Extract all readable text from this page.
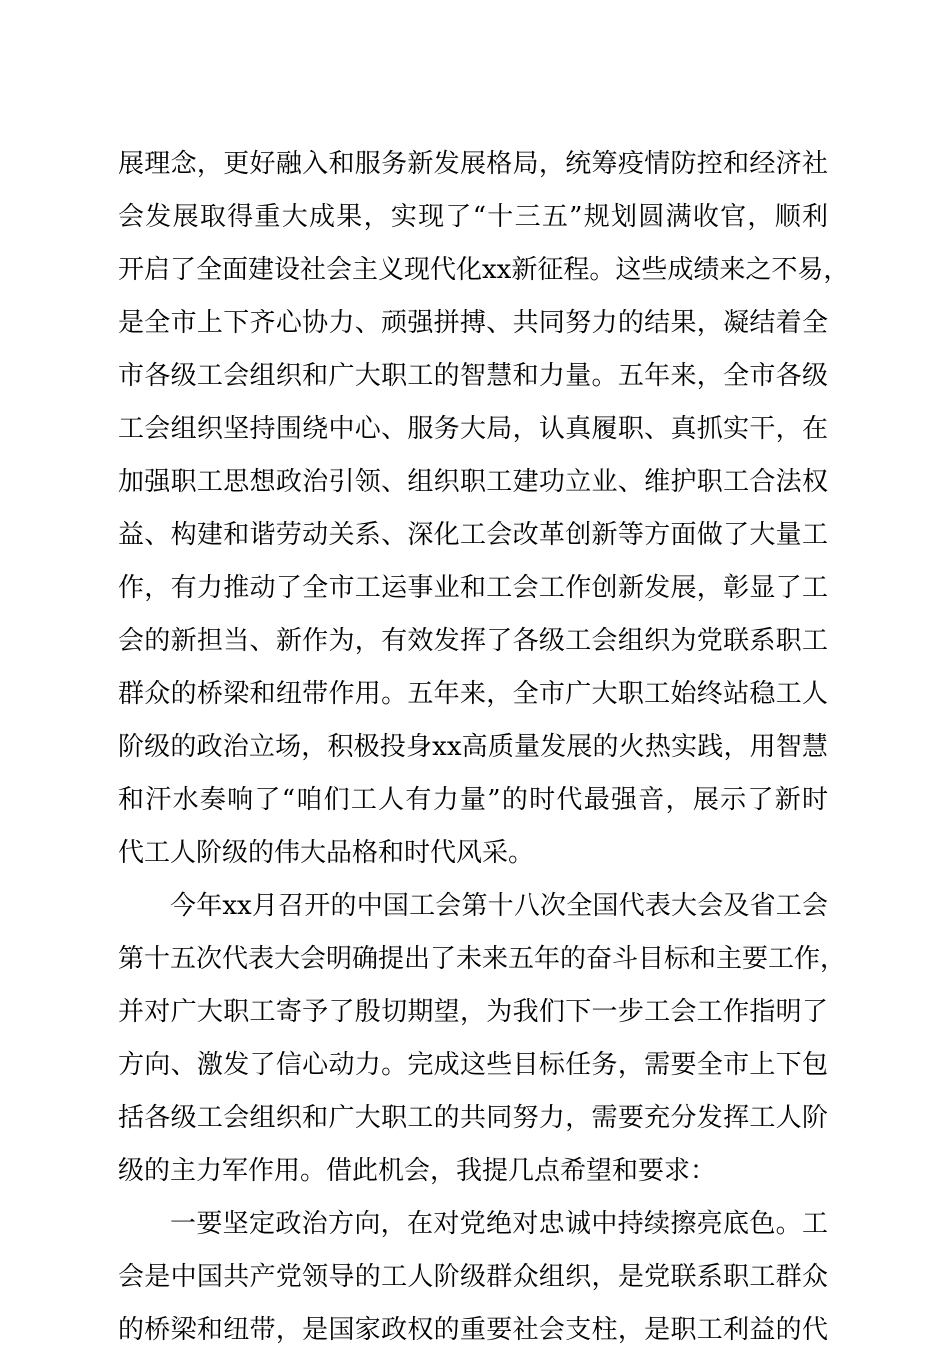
展理念，更好融入和服务新发展格局，统筹疫情防控和经济社
会发展取得重大成果，实现了“十三五”规划圆满收官，顺利
开启了全面建设社会主义现代化xx新征程。这些成绩来之不易，
是全市上下齐心协力、顽强拼搏、共同努力的结果，凝结着全
市各级工会组织和广大职工的智慧和力量。五年来，全市各级
工会组织坚持围绕中心、服务大局，认真履职、真抓实干，在
加强职工思想政治引领、组织职工建功立业、维护职工合法权
益、构建和谐劳动关系、深化工会改革创新等方面做了大量工
作，有力推动了全市工运事业和工会工作创新发展，彰显了工
会的新担当、新作为，有效发挥了各级工会组织为党联系职工
群众的桥梁和纽带作用。五年来，全市广大职工始终站稳工人
阶级的政治立场，积极投身xx高质量发展的火热实践，用智慧
和汗水奏响了“咱们工人有力量”的时代最强音，展示了新时
代工人阶级的伟大品格和时代风采。
今年xx月召开的中国工会第十八次全国代表大会及省工会
第十五次代表大会明确提出了未来五年的奋斗目标和主要工作，
并对广大职工寄予了殷切期望，为我们下一步工会工作指明了
方向、激发了信心动力。完成这些目标任务，需要全市上下包
括各级工会组织和广大职工的共同努力，需要充分发挥工人阶
级的主力军作用。借此机会，我提几点希望和要求：
一要坚定政治方向，在对党绝对忠诚中持续擦亮底色。工
会是中国共产党领导的工人阶级群众组织，是党联系职工群众
的桥梁和纽带，是国家政权的重要社会支柱，是职工利益的代
